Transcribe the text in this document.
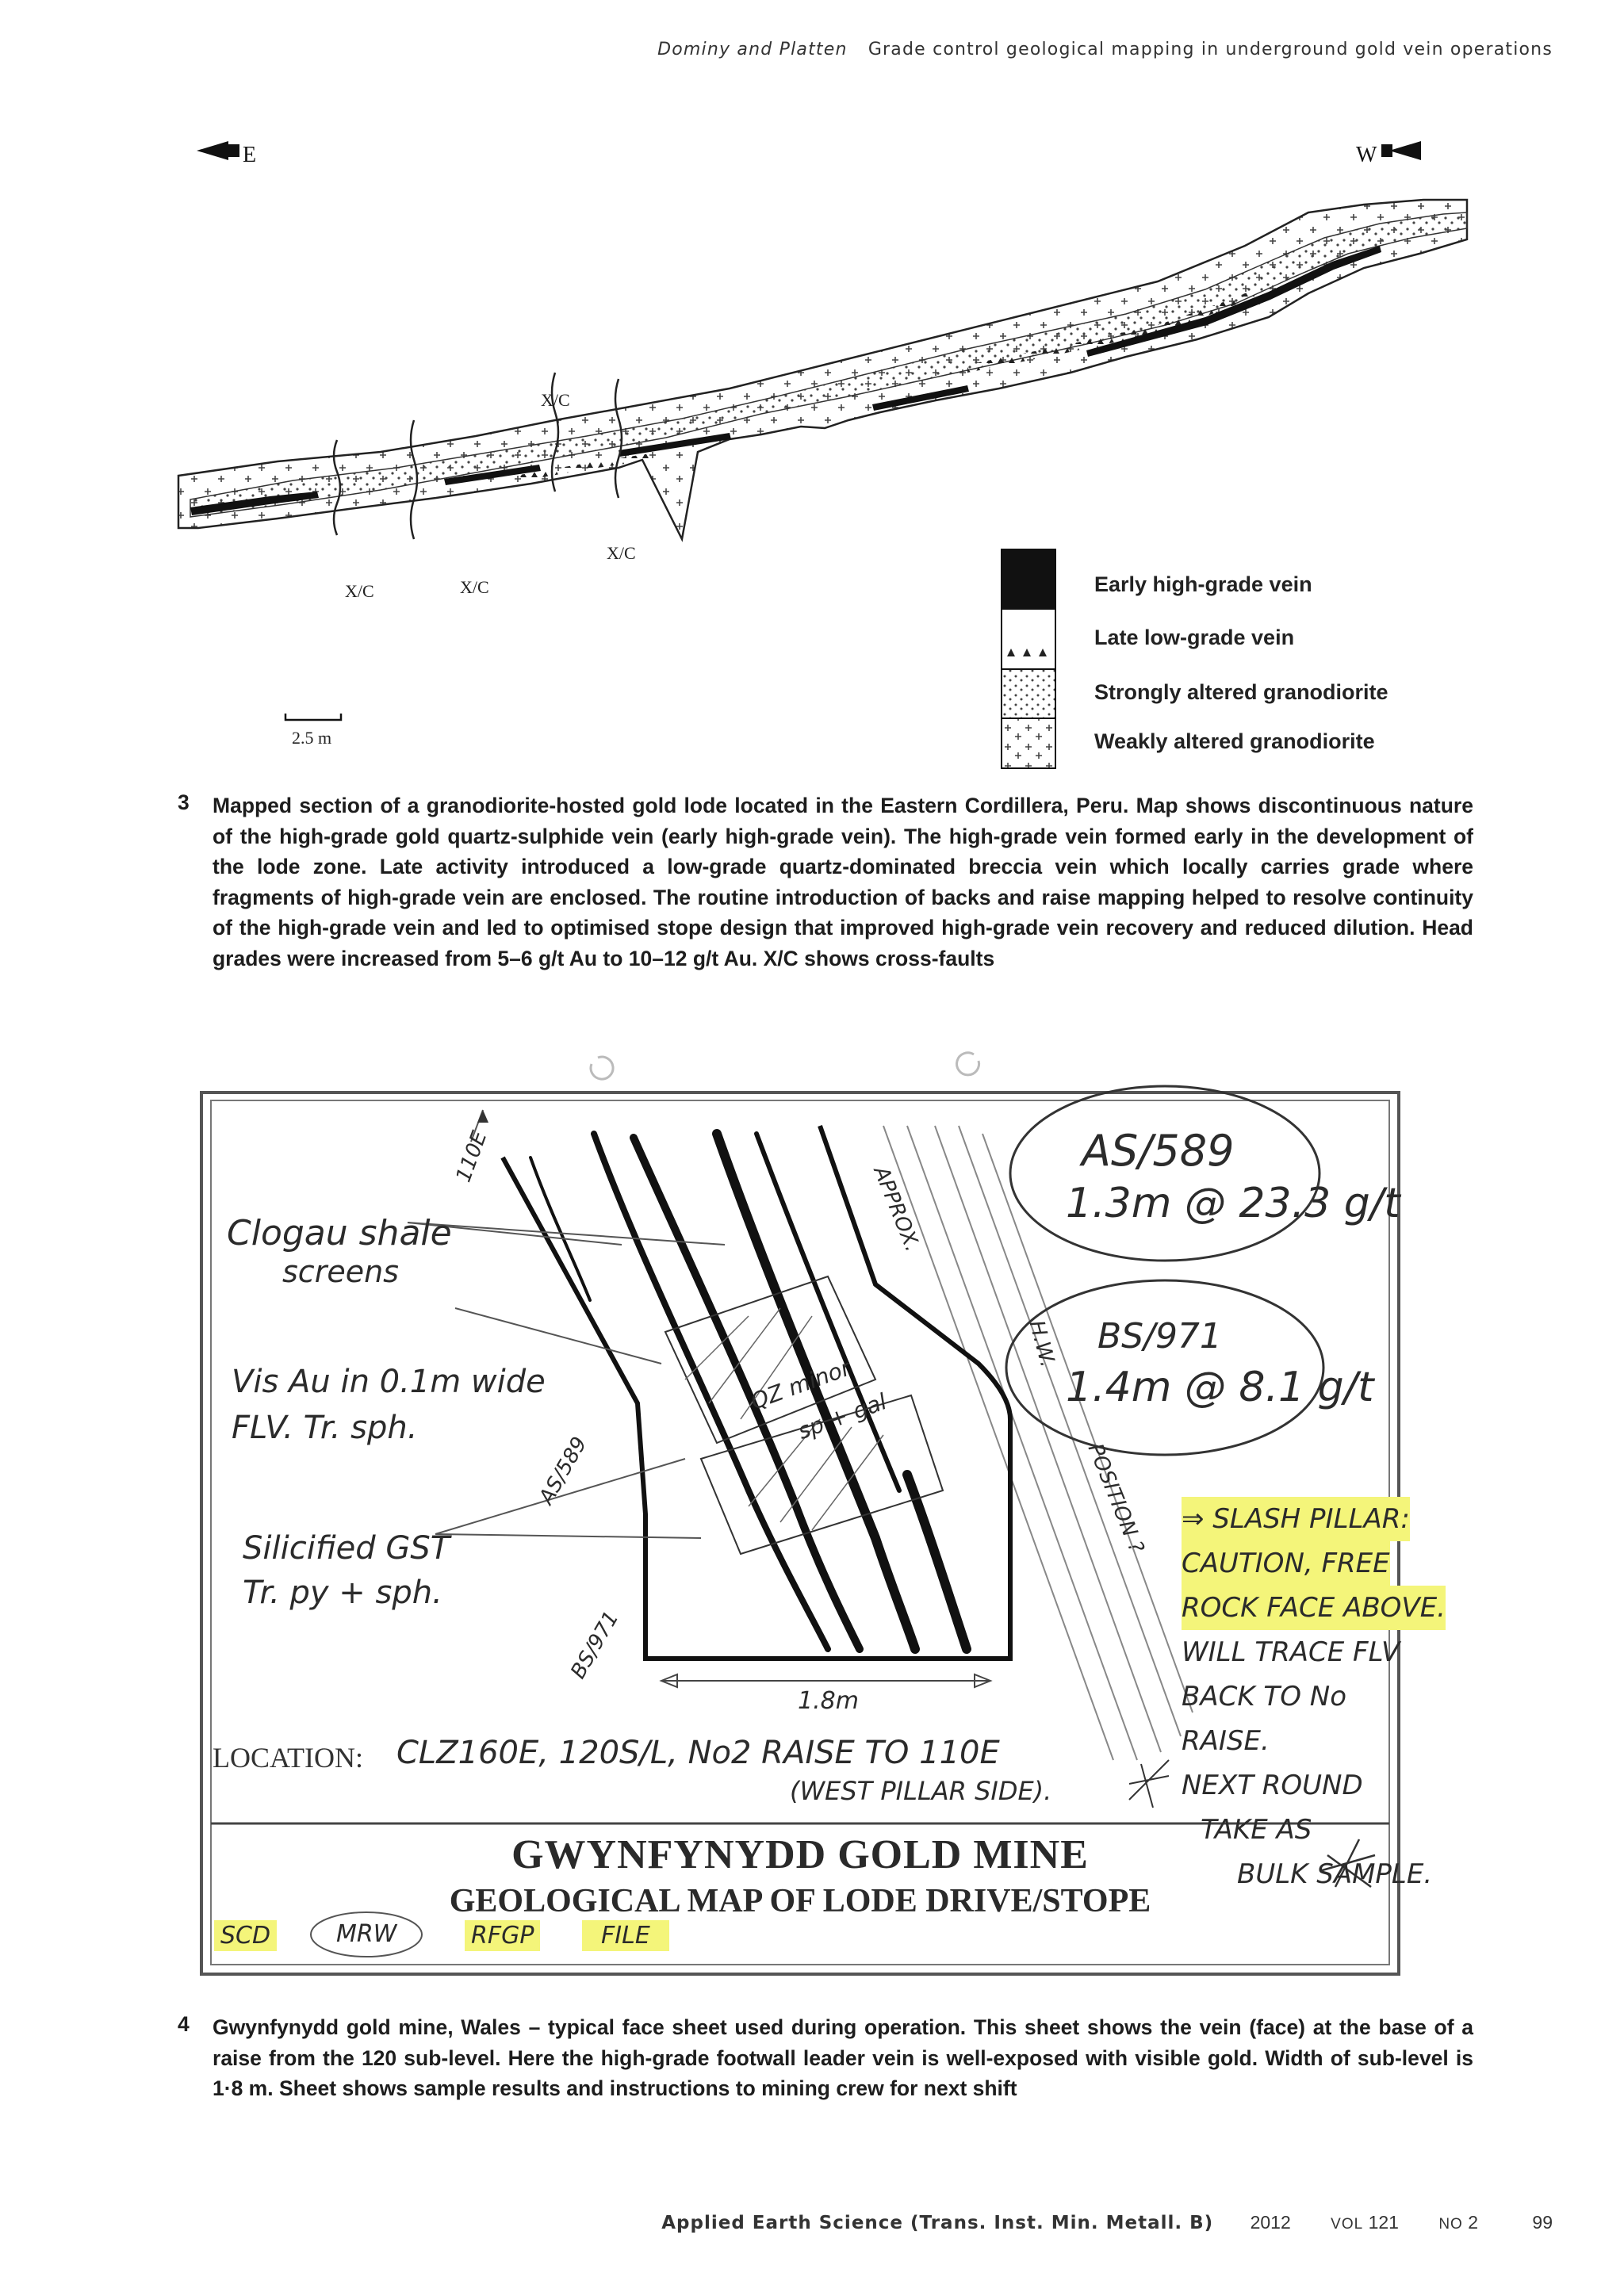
Dominy and Platten Grade control geological mapping in underground gold vein operations
X/C
X/C	X/C
X/C
E	W
2.5 m
Early high-grade vein
Late low-grade vein
Strongly altered granodiorite
Weakly altered granodiorite
3 Mapped section of a granodiorite-hosted gold lode located in the Eastern Cordillera, Peru. Map shows discontinuous nature of the high-grade gold quartz-sulphide vein (early high-grade vein). The high-grade vein formed early in the development of the lode zone. Late activity introduced a low-grade quartz-dominated breccia vein which locally carries grade where fragments of high-grade vein are enclosed. The routine introduction of backs and raise mapping helped to resolve continuity of the high-grade vein and led to optimised stope design that improved high-grade vein recovery and reduced dilution. Head grades were increased from 5–6 g/t Au to 10–12 g/t Au. X/C shows cross-faults
110E
APPROX.
H.W.
POSITION ?
AS/589
1.3m @ 23.3 g/t
BS/971
1.4m @ 8.1 g/t
Clogau shale
screens
Vis Au in 0.1m wide
FLV. Tr. sph.
Silicified GST
Tr. py + sph.
QZ minor
sp + gal
AS/589
BS/971
1.8m
⇒ SLASH PILLAR:
CAUTION, FREE
ROCK FACE ABOVE.

WILL TRACE FLV
BACK TO No
RAISE.
NEXT ROUND
TAKE AS
BULK SAMPLE.
LOCATION: CLZ160E, 120S/L, No2 RAISE TO 110E
(WEST PILLAR SIDE).
GWYNFYNYDD GOLD MINE
GEOLOGICAL MAP OF LODE DRIVE/STOPE
SCD	MRW	RFGP	FILE
4 Gwynfynydd gold mine, Wales – typical face sheet used during operation. This sheet shows the vein (face) at the base of a raise from the 120 sub-level. Here the high-grade footwall leader vein is well-exposed with visible gold. Width of sub-level is 1·8 m. Sheet shows sample results and instructions to mining crew for next shift
Applied Earth Science (Trans. Inst. Min. Metall. B) 2012	VOL 121	NO 2	99
